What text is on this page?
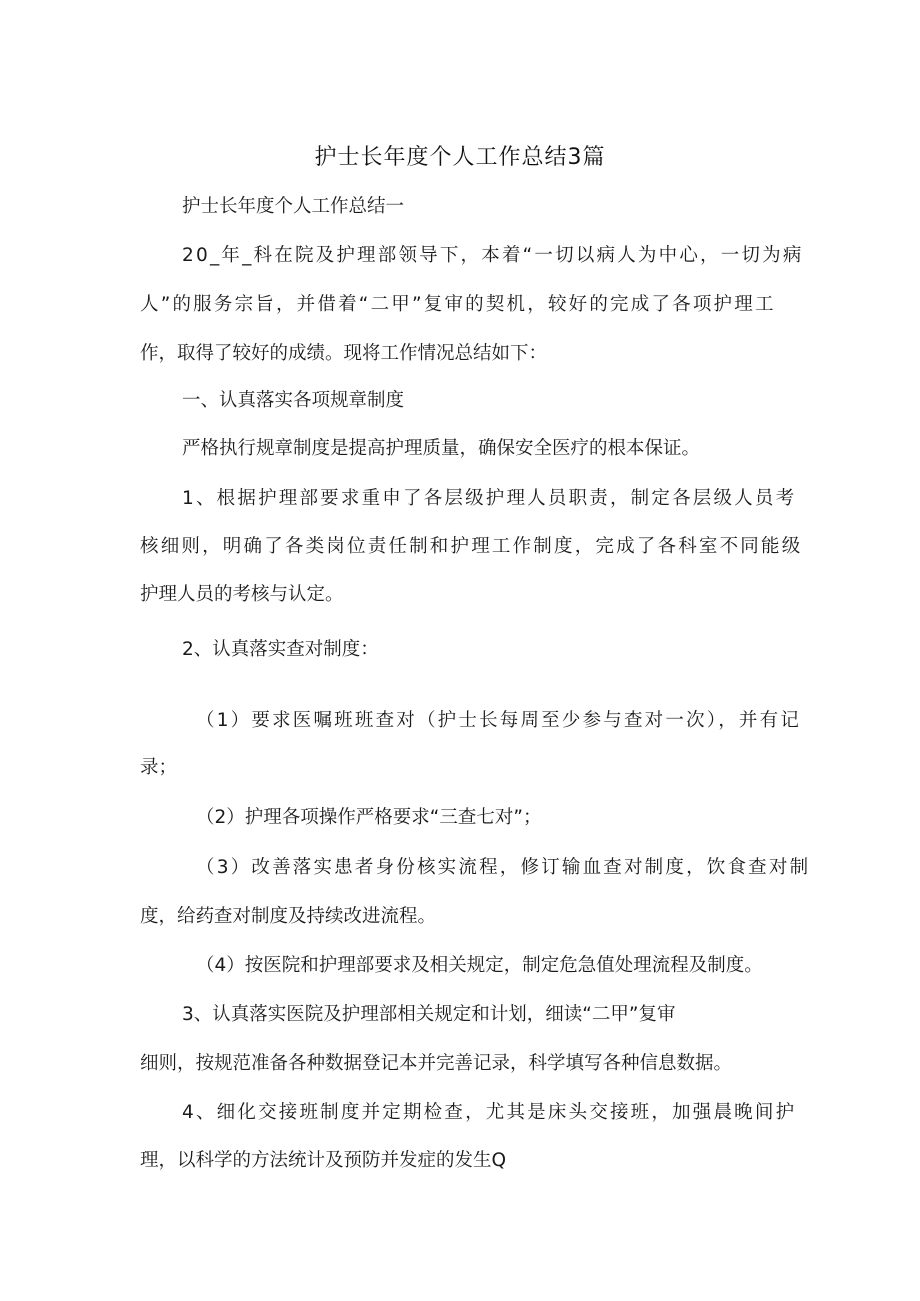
护士长年度个人工作总结3篇
护士长年度个人工作总结一
20_年_科在院及护理部领导下，本着“一切以病人为中心，一切为病
人”的服务宗旨，并借着“二甲”复审的契机，较好的完成了各项护理工
作，取得了较好的成绩。现将工作情况总结如下：
一、认真落实各项规章制度
严格执行规章制度是提高护理质量，确保安全医疗的根本保证。
1、根据护理部要求重申了各层级护理人员职责，制定各层级人员考
核细则，明确了各类岗位责任制和护理工作制度，完成了各科室不同能级
护理人员的考核与认定。
2、认真落实查对制度：
（1）要求医嘱班班查对（护士长每周至少参与查对一次），并有记
录；
（2）护理各项操作严格要求“三查七对”；
（3）改善落实患者身份核实流程，修订输血查对制度，饮食查对制
度，给药查对制度及持续改进流程。
（4）按医院和护理部要求及相关规定，制定危急值处理流程及制度。
3、认真落实医院及护理部相关规定和计划，细读“二甲”复审
细则，按规范准备各种数据登记本并完善记录，科学填写各种信息数据。
4、细化交接班制度并定期检查，尤其是床头交接班，加强晨晚间护
理，以科学的方法统计及预防并发症的发生Q
